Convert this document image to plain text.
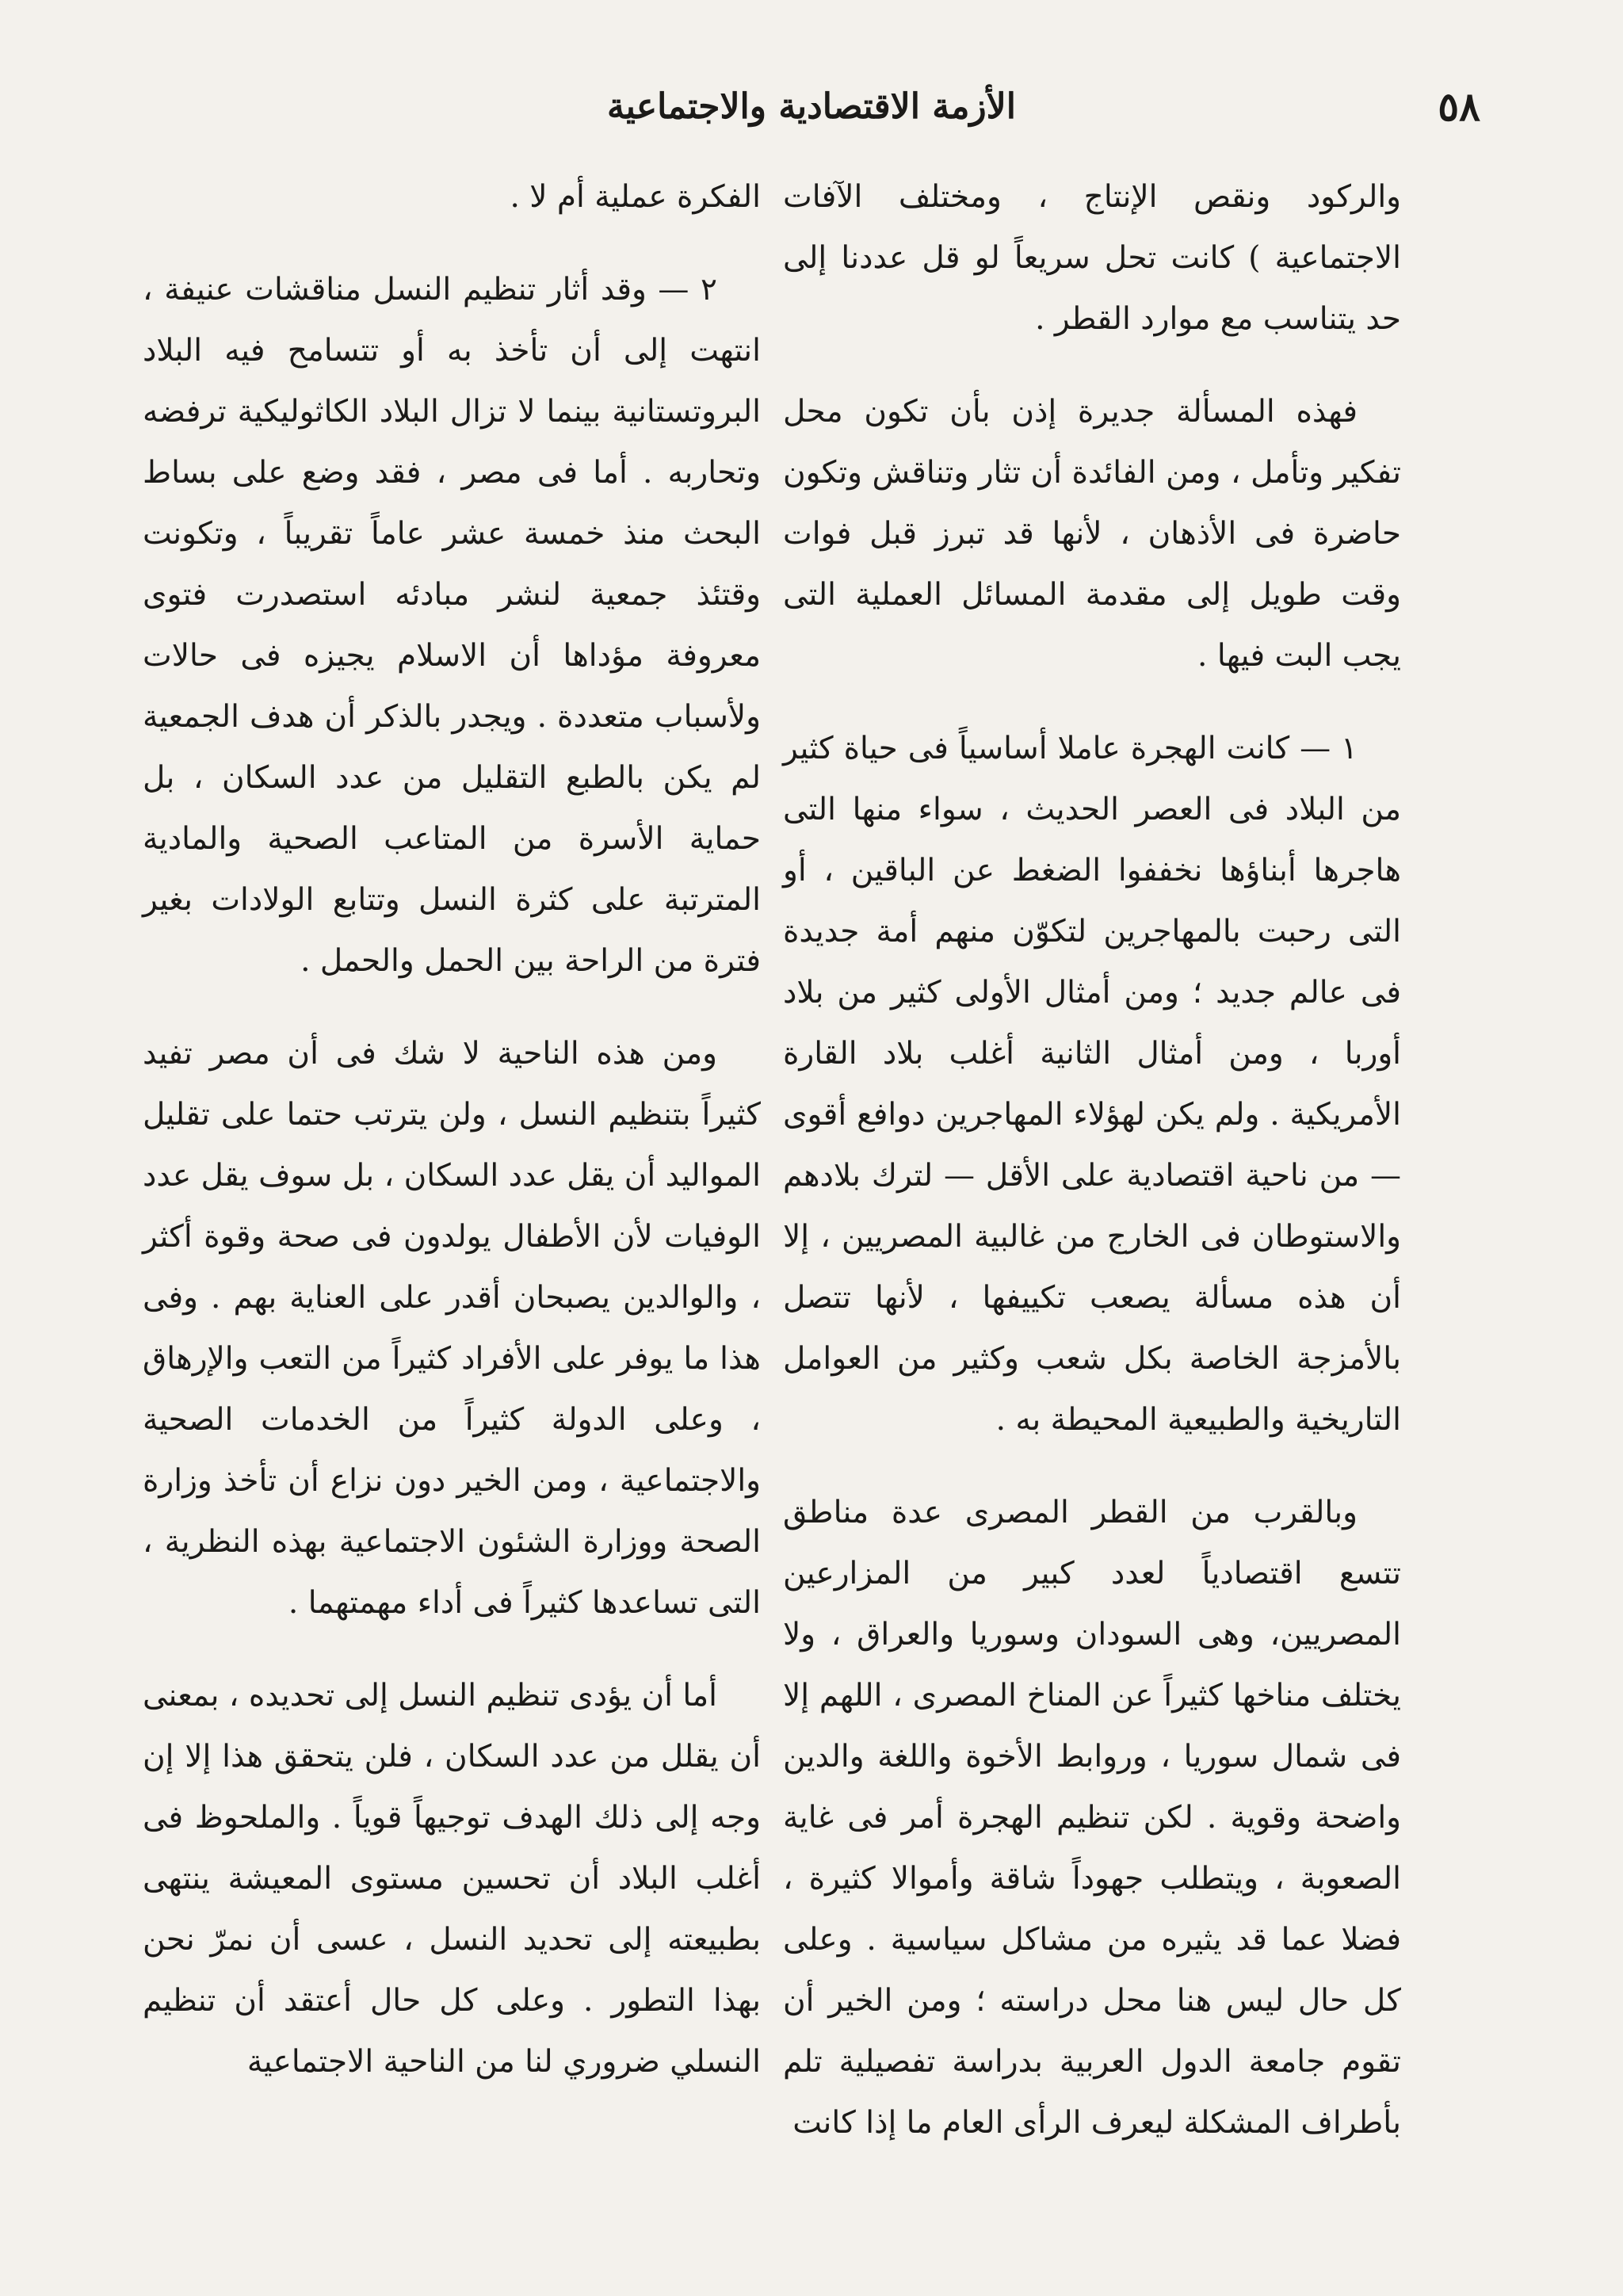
٥٨
الأزمة الاقتصادية والاجتماعية

والركود ونقص الإنتاج ، ومختلف الآفات الاجتماعية ) كانت تحل سريعاً لو قل عددنا إلى حد يتناسب مع موارد القطر .

فهذه المسألة جديرة إذن بأن تكون محل تفكير وتأمل ، ومن الفائدة أن تثار وتناقش وتكون حاضرة فى الأذهان ، لأنها قد تبرز قبل فوات وقت طويل إلى مقدمة المسائل العملية التى يجب البت فيها .

١ — كانت الهجرة عاملا أساسياً فى حياة كثير من البلاد فى العصر الحديث ، سواء منها التى هاجرها أبناؤها نخففوا الضغط عن الباقين ، أو التى رحبت بالمهاجرين لتكوّن منهم أمة جديدة فى عالم جديد ؛ ومن أمثال الأولى كثير من بلاد أوربا ، ومن أمثال الثانية أغلب بلاد القارة الأمريكية . ولم يكن لهؤلاء المهاجرين دوافع أقوى — من ناحية اقتصادية على الأقل — لترك بلادهم والاستوطان فى الخارج من غالبية المصريين ، إلا أن هذه مسألة يصعب تكييفها ، لأنها تتصل بالأمزجة الخاصة بكل شعب وكثير من العوامل التاريخية والطبيعية المحيطة به .

وبالقرب من القطر المصرى عدة مناطق تتسع اقتصادياً لعدد كبير من المزارعين المصريين، وهى السودان وسوريا والعراق ، ولا يختلف مناخها كثيراً عن المناخ المصرى ، اللهم إلا فى شمال سوريا ، وروابط الأخوة واللغة والدين واضحة وقوية . لكن تنظيم الهجرة أمر فى غاية الصعوبة ، ويتطلب جهوداً شاقة وأموالا كثيرة ، فضلا عما قد يثيره من مشاكل سياسية . وعلى كل حال ليس هنا محل دراسته ؛ ومن الخير أن تقوم جامعة الدول العربية بدراسة تفصيلية تلم بأطراف المشكلة ليعرف الرأى العام ما إذا كانت

الفكرة عملية أم لا .

٢ — وقد أثار تنظيم النسل مناقشات عنيفة ، انتهت إلى أن تأخذ به أو تتسامح فيه البلاد البروتستانية بينما لا تزال البلاد الكاثوليكية ترفضه وتحاربه . أما فى مصر ، فقد وضع على بساط البحث منذ خمسة عشر عاماً تقريباً ، وتكونت وقتئذ جمعية لنشر مبادئه استصدرت فتوى معروفة مؤداها أن الاسلام يجيزه فى حالات ولأسباب متعددة . ويجدر بالذكر أن هدف الجمعية لم يكن بالطبع التقليل من عدد السكان ، بل حماية الأسرة من المتاعب الصحية والمادية المترتبة على كثرة النسل وتتابع الولادات بغير فترة من الراحة بين الحمل والحمل .

ومن هذه الناحية لا شك فى أن مصر تفيد كثيراً بتنظيم النسل ، ولن يترتب حتما على تقليل المواليد أن يقل عدد السكان ، بل سوف يقل عدد الوفيات لأن الأطفال يولدون فى صحة وقوة أكثر ، والوالدين يصبحان أقدر على العناية بهم . وفى هذا ما يوفر على الأفراد كثيراً من التعب والإرهاق ، وعلى الدولة كثيراً من الخدمات الصحية والاجتماعية ، ومن الخير دون نزاع أن تأخذ وزارة الصحة ووزارة الشئون الاجتماعية بهذه النظرية ، التى تساعدها كثيراً فى أداء مهمتهما .

أما أن يؤدى تنظيم النسل إلى تحديده ، بمعنى أن يقلل من عدد السكان ، فلن يتحقق هذا إلا إن وجه إلى ذلك الهدف توجيهاً قوياً . والملحوظ فى أغلب البلاد أن تحسين مستوى المعيشة ينتهى بطبيعته إلى تحديد النسل ، عسى أن نمرّ نحن بهذا التطور . وعلى كل حال أعتقد أن تنظيم النسلي ضروري لنا من الناحية الاجتماعية
